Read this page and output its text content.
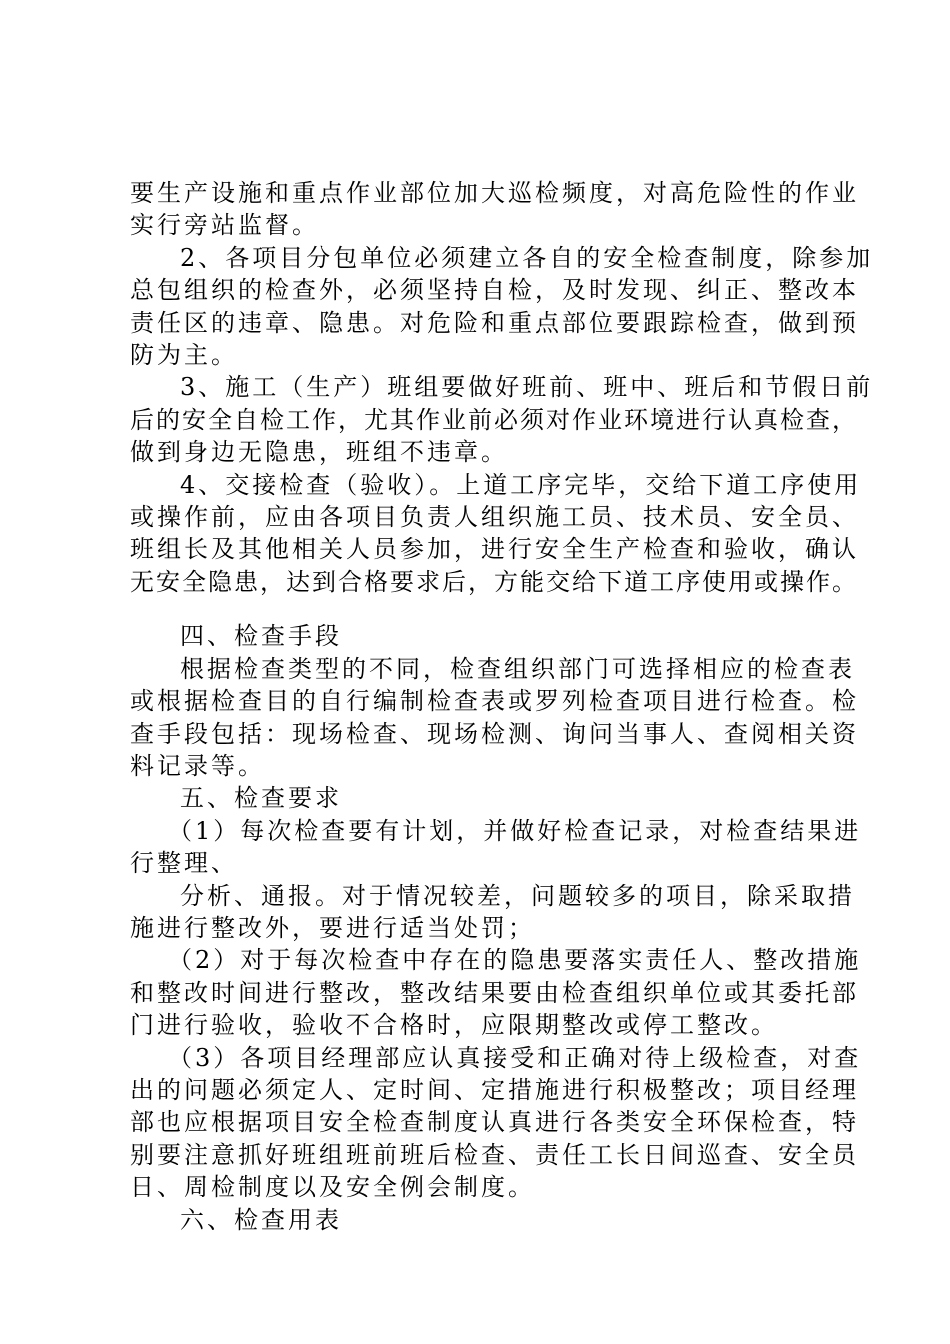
要生产设施和重点作业部位加大巡检频度，对高危险性的作业
实行旁站监督。

2、各项目分包单位必须建立各自的安全检查制度，除参加
总包组织的检查外，必须坚持自检，及时发现、纠正、整改本
责任区的违章、隐患。对危险和重点部位要跟踪检查，做到预
防为主。

3、施工（生产）班组要做好班前、班中、班后和节假日前
后的安全自检工作，尤其作业前必须对作业环境进行认真检查，
做到身边无隐患，班组不违章。

4、交接检查（验收）。上道工序完毕，交给下道工序使用
或操作前，应由各项目负责人组织施工员、技术员、安全员、
班组长及其他相关人员参加，进行安全生产检查和验收，确认
无安全隐患，达到合格要求后，方能交给下道工序使用或操作。

四、检查手段

根据检查类型的不同，检查组织部门可选择相应的检查表
或根据检查目的自行编制检查表或罗列检查项目进行检查。检
查手段包括：现场检查、现场检测、询问当事人、查阅相关资
料记录等。

五、检查要求

（1）每次检查要有计划，并做好检查记录，对检查结果进
行整理、

分析、通报。对于情况较差，问题较多的项目，除采取措
施进行整改外，要进行适当处罚；

（2）对于每次检查中存在的隐患要落实责任人、整改措施
和整改时间进行整改，整改结果要由检查组织单位或其委托部
门进行验收，验收不合格时，应限期整改或停工整改。

（3）各项目经理部应认真接受和正确对待上级检查，对查
出的问题必须定人、定时间、定措施进行积极整改；项目经理
部也应根据项目安全检查制度认真进行各类安全环保检查，特
别要注意抓好班组班前班后检查、责任工长日间巡查、安全员
日、周检制度以及安全例会制度。

六、检查用表
